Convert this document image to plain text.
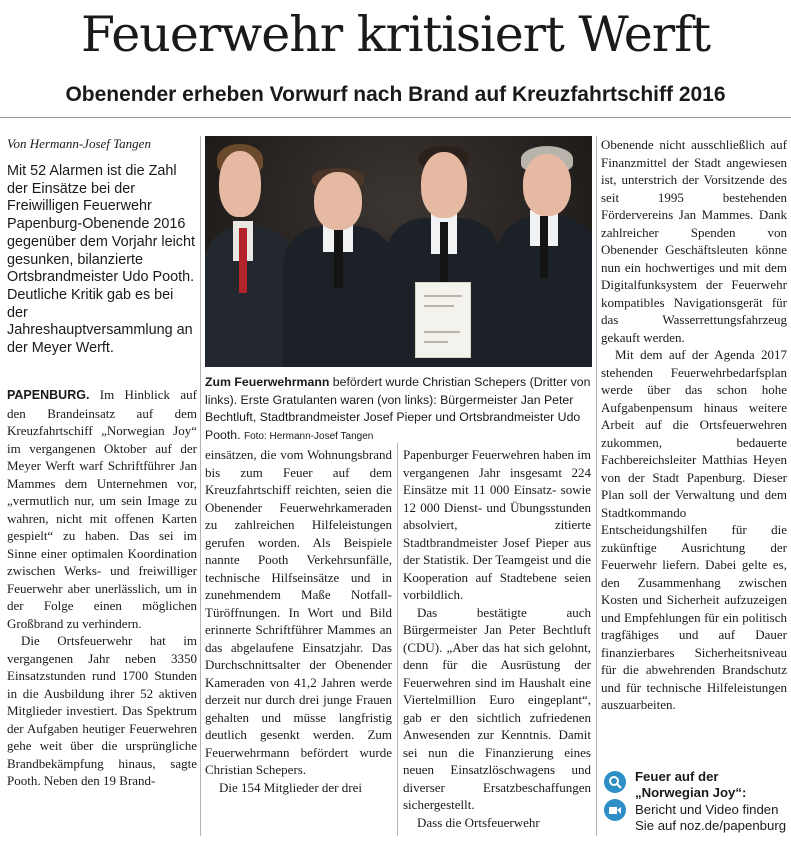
Feuerwehr kritisiert Werft
Obenender erheben Vorwurf nach Brand auf Kreuzfahrtschiff 2016
Von Hermann-Josef Tangen
Mit 52 Alarmen ist die Zahl der Einsätze bei der Freiwilligen Feuerwehr Papenburg-Obenende 2016 gegenüber dem Vorjahr leicht gesunken, bilanzierte Ortsbrandmeister Udo Pooth. Deutliche Kritik gab es bei der Jahreshauptversammlung an der Meyer Werft.

PAPENBURG. Im Hinblick auf den Brandeinsatz auf dem Kreuzfahrtschiff „Norwegian Joy“ im vergangenen Oktober auf der Meyer Werft warf Schriftführer Jan Mammes dem Unternehmen vor, „vermutlich nur, um sein Image zu wahren, nicht mit offenen Karten gespielt“ zu haben. Das sei im Sinne einer optimalen Koordination zwischen Werks- und freiwilliger Feuerwehr aber unerlässlich, um in der Folge einen möglichen Großbrand zu verhindern.

Die Ortsfeuerwehr hat im vergangenen Jahr neben 3350 Einsatzstunden rund 1700 Stunden in die Ausbildung ihrer 52 aktiven Mitglieder investiert. Das Spektrum der Aufgaben heutiger Feuerwehren gehe weit über die ursprüngliche Brandbekämpfung hinaus, sagte Pooth. Neben den 19 Brand-

Zum Feuerwehrmann befördert wurde Christian Schepers (Dritter von links). Erste Gratulanten waren (von links): Bürgermeister Jan Peter Bechtluft, Stadtbrandmeister Josef Pieper und Ortsbrandmeister Udo Pooth. Foto: Hermann-Josef Tangen

einsätzen, die vom Wohnungsbrand bis zum Feuer auf dem Kreuzfahrtschiff reichten, seien die Obenender Feuerwehrkameraden zu zahlreichen Hilfeleistungen gerufen worden. Als Beispiele nannte Pooth Verkehrsunfälle, technische Hilfseinsätze und in zunehmendem Maße Notfall-Türöffnungen. In Wort und Bild erinnerte Schriftführer Mammes an das abgelaufene Einsatzjahr. Das Durchschnittsalter der Obenender Kameraden von 41,2 Jahren werde derzeit nur durch drei junge Frauen gehalten und müsse langfristig deutlich gesenkt werden. Zum Feuerwehrmann befördert wurde Christian Schepers.

Die 154 Mitglieder der drei

Papenburger Feuerwehren haben im vergangenen Jahr insgesamt 224 Einsätze mit 11 000 Einsatz- sowie 12 000 Dienst- und Übungsstunden absolviert, zitierte Stadtbrandmeister Josef Pieper aus der Statistik. Der Teamgeist und die Kooperation auf Stadtebene seien vorbildlich.

Das bestätigte auch Bürgermeister Jan Peter Bechtluft (CDU). „Aber das hat sich gelohnt, denn für die Ausrüstung der Feuerwehren sind im Haushalt eine Viertelmillion Euro eingeplant“, gab er den sichtlich zufriedenen Anwesenden zur Kenntnis. Damit sei nun die Finanzierung eines neuen Einsatzlöschwagens und diverser Ersatzbeschaffungen sichergestellt.

Dass die Ortsfeuerwehr

Obenende nicht ausschließlich auf Finanzmittel der Stadt angewiesen ist, unterstrich der Vorsitzende des seit 1995 bestehenden Fördervereins Jan Mammes. Dank zahlreicher Spenden von Obenender Geschäftsleuten könne nun ein hochwertiges und mit dem Digitalfunksystem der Feuerwehr kompatibles Navigationsgerät für das Wasserrettungsfahrzeug gekauft werden.

Mit dem auf der Agenda 2017 stehenden Feuerwehrbedarfsplan werde über das schon hohe Aufgabenpensum hinaus weitere Arbeit auf die Ortsfeuerwehren zukommen, bedauerte Fachbereichsleiter Matthias Heyen von der Stadt Papenburg. Dieser Plan soll der Verwaltung und dem Stadtkommando Entscheidungshilfen für die zukünftige Ausrichtung der Feuerwehr liefern. Dabei gelte es, den Zusammenhang zwischen Kosten und Sicherheit aufzuzeigen und Empfehlungen für ein politisch tragfähiges und auf Dauer finanzierbares Sicherheitsniveau für die abwehrenden Brandschutz und für technische Hilfeleistungen auszuarbeiten.

Feuer auf der „Norwegian Joy“: Bericht und Video finden Sie auf noz.de/papenburg
